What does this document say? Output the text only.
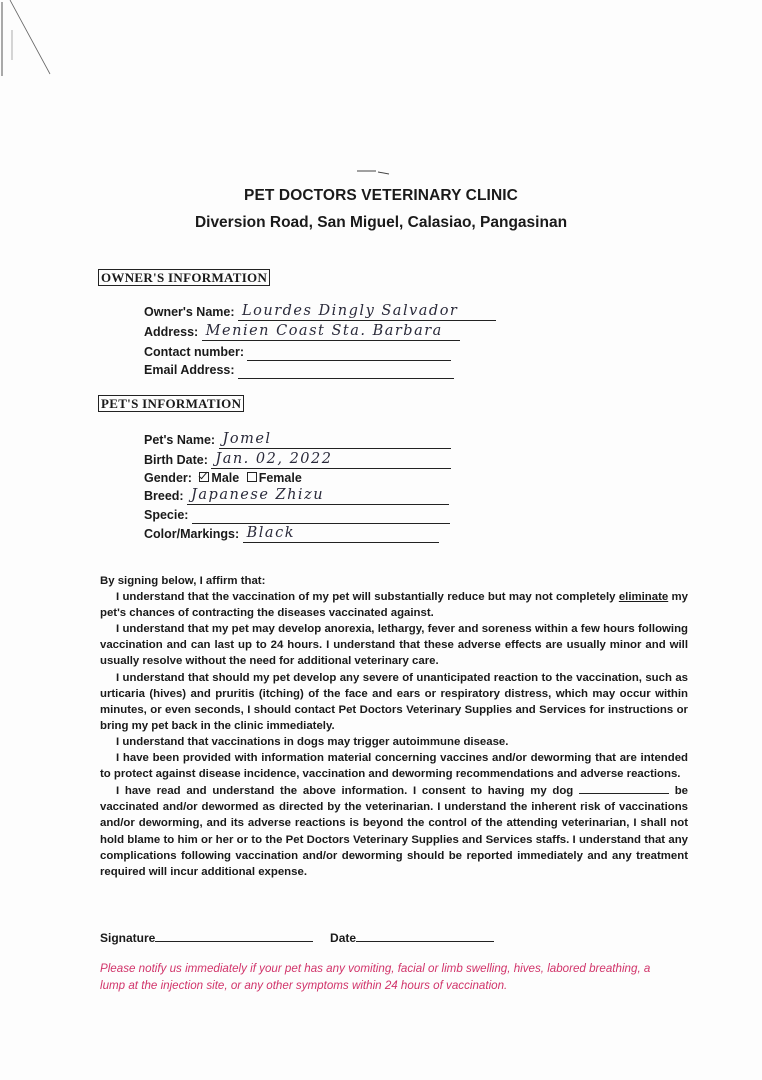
PET DOCTORS VETERINARY CLINIC
Diversion Road, San Miguel, Calasiao, Pangasinan
OWNER'S INFORMATION
Owner's Name: Lourdes Dingly Salvador
Address: Menien Coast Sta. Barbara
Contact number:
Email Address:
PET'S INFORMATION
Pet's Name: Jomel
Birth Date: Jan. 02, 2022
Gender: Male Female
Breed: Japanese Zhizu
Specie:
Color/Markings: Black

By signing below, I affirm that:

I understand that the vaccination of my pet will substantially reduce but may not completely eliminate my pet's chances of contracting the diseases vaccinated against.

I understand that my pet may develop anorexia, lethargy, fever and soreness within a few hours following vaccination and can last up to 24 hours. I understand that these adverse effects are usually minor and will usually resolve without the need for additional veterinary care.

I understand that should my pet develop any severe of unanticipated reaction to the vaccination, such as urticaria (hives) and pruritis (itching) of the face and ears or respiratory distress, which may occur within minutes, or even seconds, I should contact Pet Doctors Veterinary Supplies and Services for instructions or bring my pet back in the clinic immediately.

I understand that vaccinations in dogs may trigger autoimmune disease.

I have been provided with information material concerning vaccines and/or deworming that are intended to protect against disease incidence, vaccination and deworming recommendations and adverse reactions.

I have read and understand the above information. I consent to having my dog	be vaccinated and/or dewormed as directed by the veterinarian. I understand the inherent risk of vaccinations and/or deworming, and its adverse reactions is beyond the control of the attending veterinarian, I shall not hold blame to him or her or to the Pet Doctors Veterinary Supplies and Services staffs. I understand that any complications following vaccination and/or deworming should be reported immediately and any treatment required will incur additional expense.

Signature	Date
Please notify us immediately if your pet has any vomiting, facial or limb swelling, hives, labored breathing, a lump at the injection site, or any other symptoms within 24 hours of vaccination.
